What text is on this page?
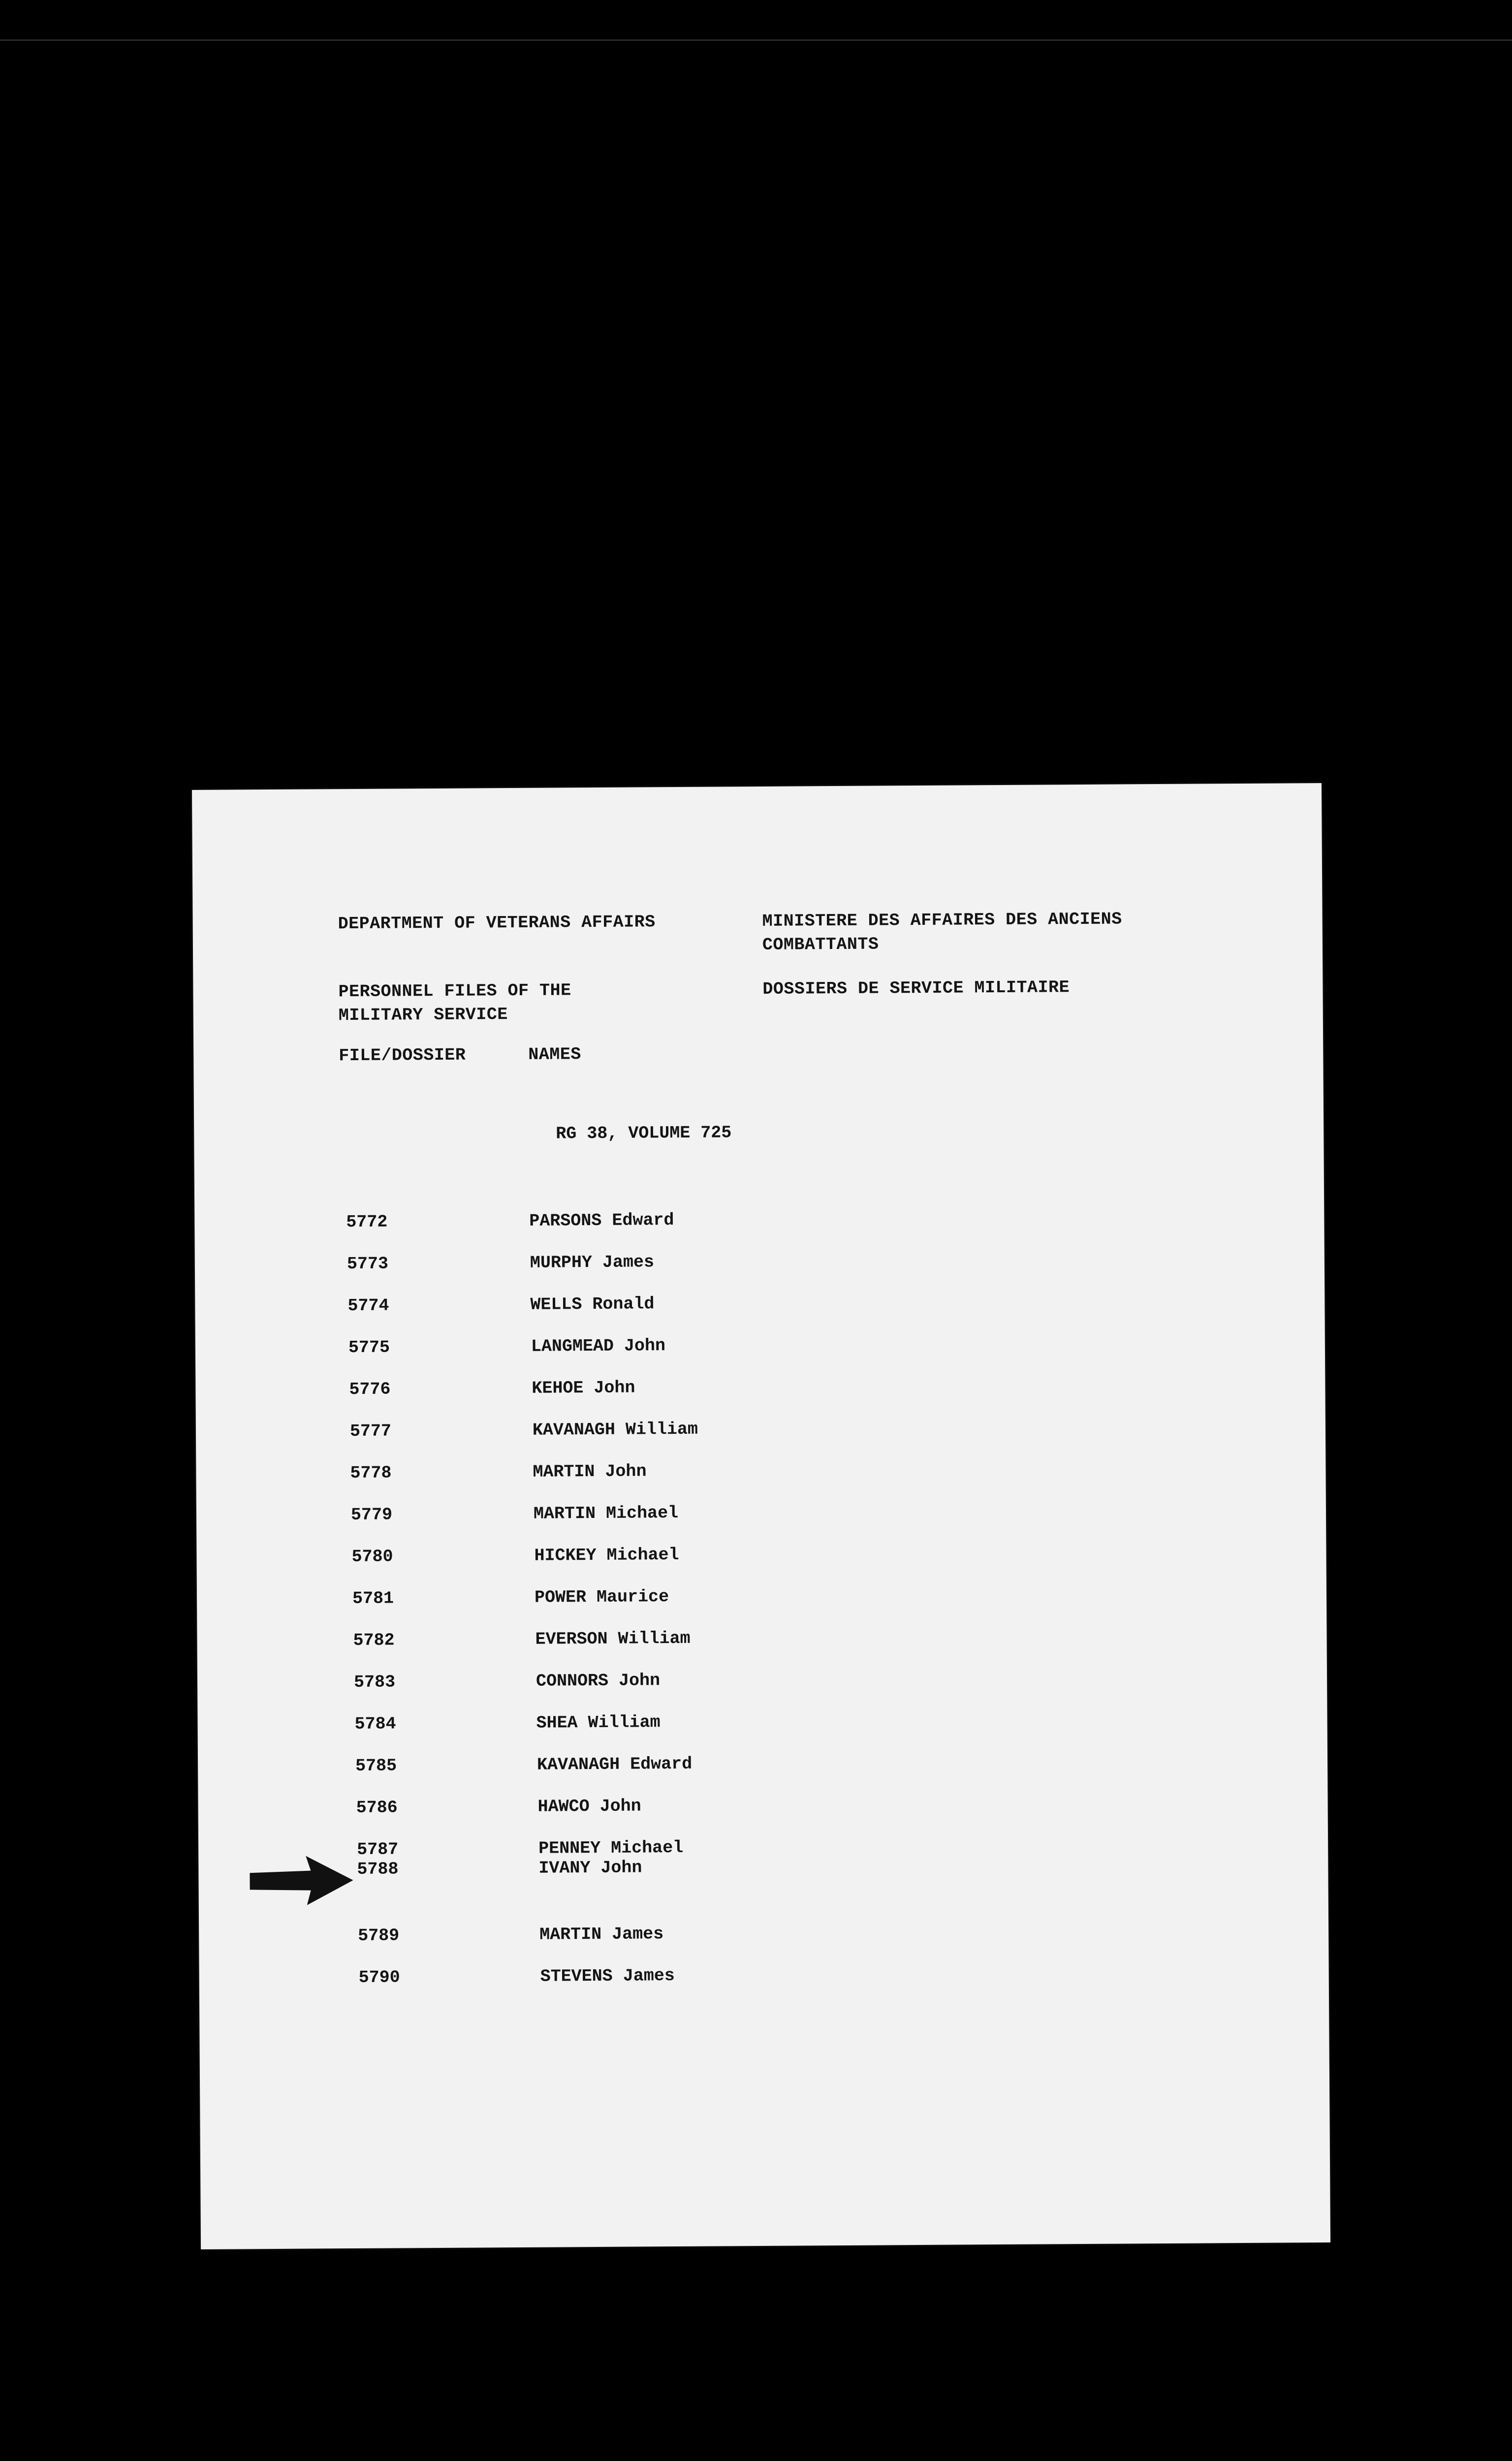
DEPARTMENT OF VETERANS AFFAIRS	MINISTERE DES AFFAIRES DES ANCIENS
COMBATTANTS
PERSONNEL FILES OF THE
MILITARY SERVICE
DOSSIERS DE SERVICE MILITAIRE
FILE/DOSSIER	NAMES
RG 38, VOLUME 725
5772	PARSONS Edward
5773	MURPHY James
5774	WELLS Ronald
5775	LANGMEAD John
5776	KEHOE John
5777	KAVANAGH William
5778	MARTIN John
5779	MARTIN Michael
5780	HICKEY Michael
5781	POWER Maurice
5782	EVERSON William
5783	CONNORS John
5784	SHEA William
5785	KAVANAGH Edward
5786	HAWCO John
5787	PENNEY Michael
5788	IVANY John
5789	MARTIN James
5790	STEVENS James
